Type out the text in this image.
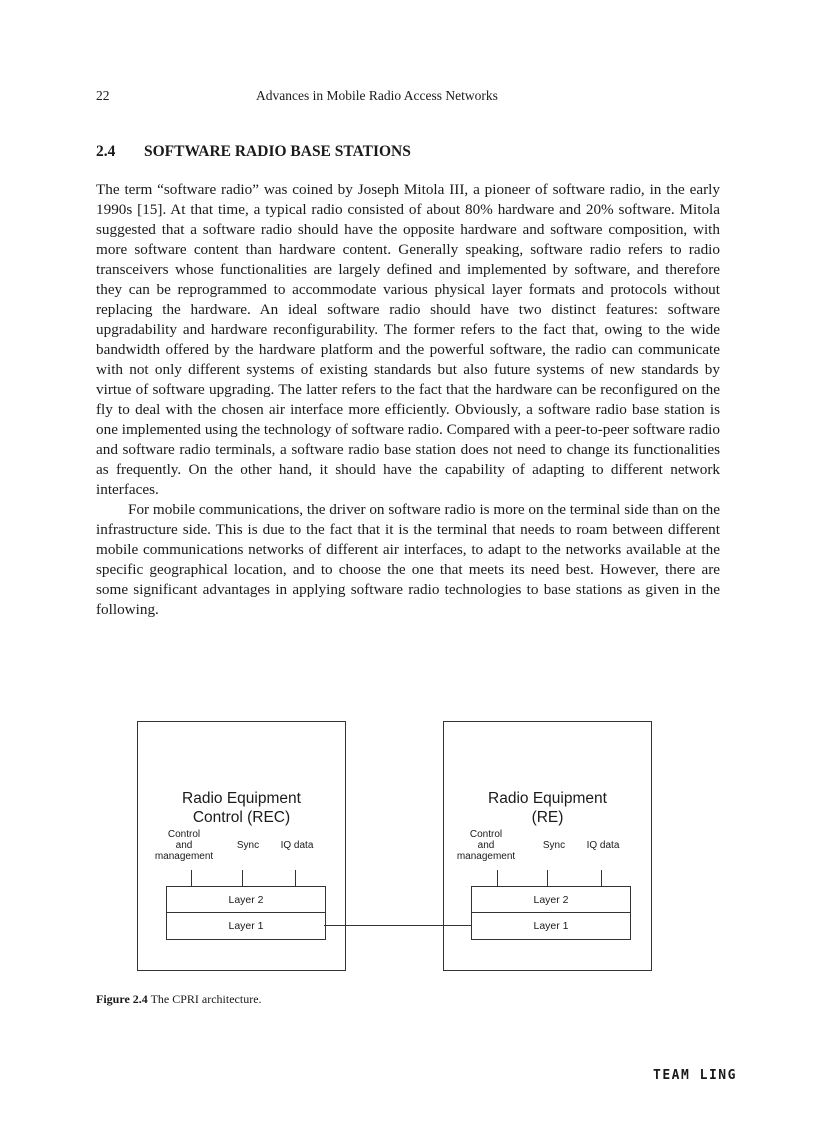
22	Advances in Mobile Radio Access Networks
2.4 SOFTWARE RADIO BASE STATIONS

The term “software radio” was coined by Joseph Mitola III, a pioneer of software radio, in the early 1990s [15]. At that time, a typical radio consisted of about 80% hardware and 20% software. Mitola suggested that a software radio should have the opposite hardware and software composition, with more software content than hardware content. Generally speaking, software radio refers to radio transceivers whose functionalities are largely defined and implemented by software, and therefore they can be reprogrammed to accommodate various physical layer formats and protocols without replacing the hardware. An ideal software radio should have two distinct features: software upgradability and hardware reconfigurability. The former refers to the fact that, owing to the wide bandwidth offered by the hardware platform and the powerful software, the radio can communicate with not only different systems of existing standards but also future systems of new standards by virtue of software upgrading. The latter refers to the fact that the hardware can be reconfigured on the fly to deal with the chosen air interface more efficiently. Obviously, a software radio base station is one implemented using the technology of software radio. Compared with a peer-to-peer software radio and software radio terminals, a software radio base station does not need to change its functionalities as frequently. On the other hand, it should have the capability of adapting to different network interfaces.

For mobile communications, the driver on software radio is more on the terminal side than on the infrastructure side. This is due to the fact that it is the terminal that needs to roam between different mobile communications networks of different air interfaces, to adapt to the networks available at the specific geographical location, and to choose the one that meets its need best. However, there are some significant advantages in applying software radio technologies to base stations as given in the following.

Radio Equipment
Control (REC)
Control
and
management
Sync	IQ data
Layer 2
Layer 1
Radio Equipment
(RE)
Control
and
management
Sync	IQ data
Layer 2
Layer 1
Figure 2.4 The CPRI architecture.
TEAM LING
